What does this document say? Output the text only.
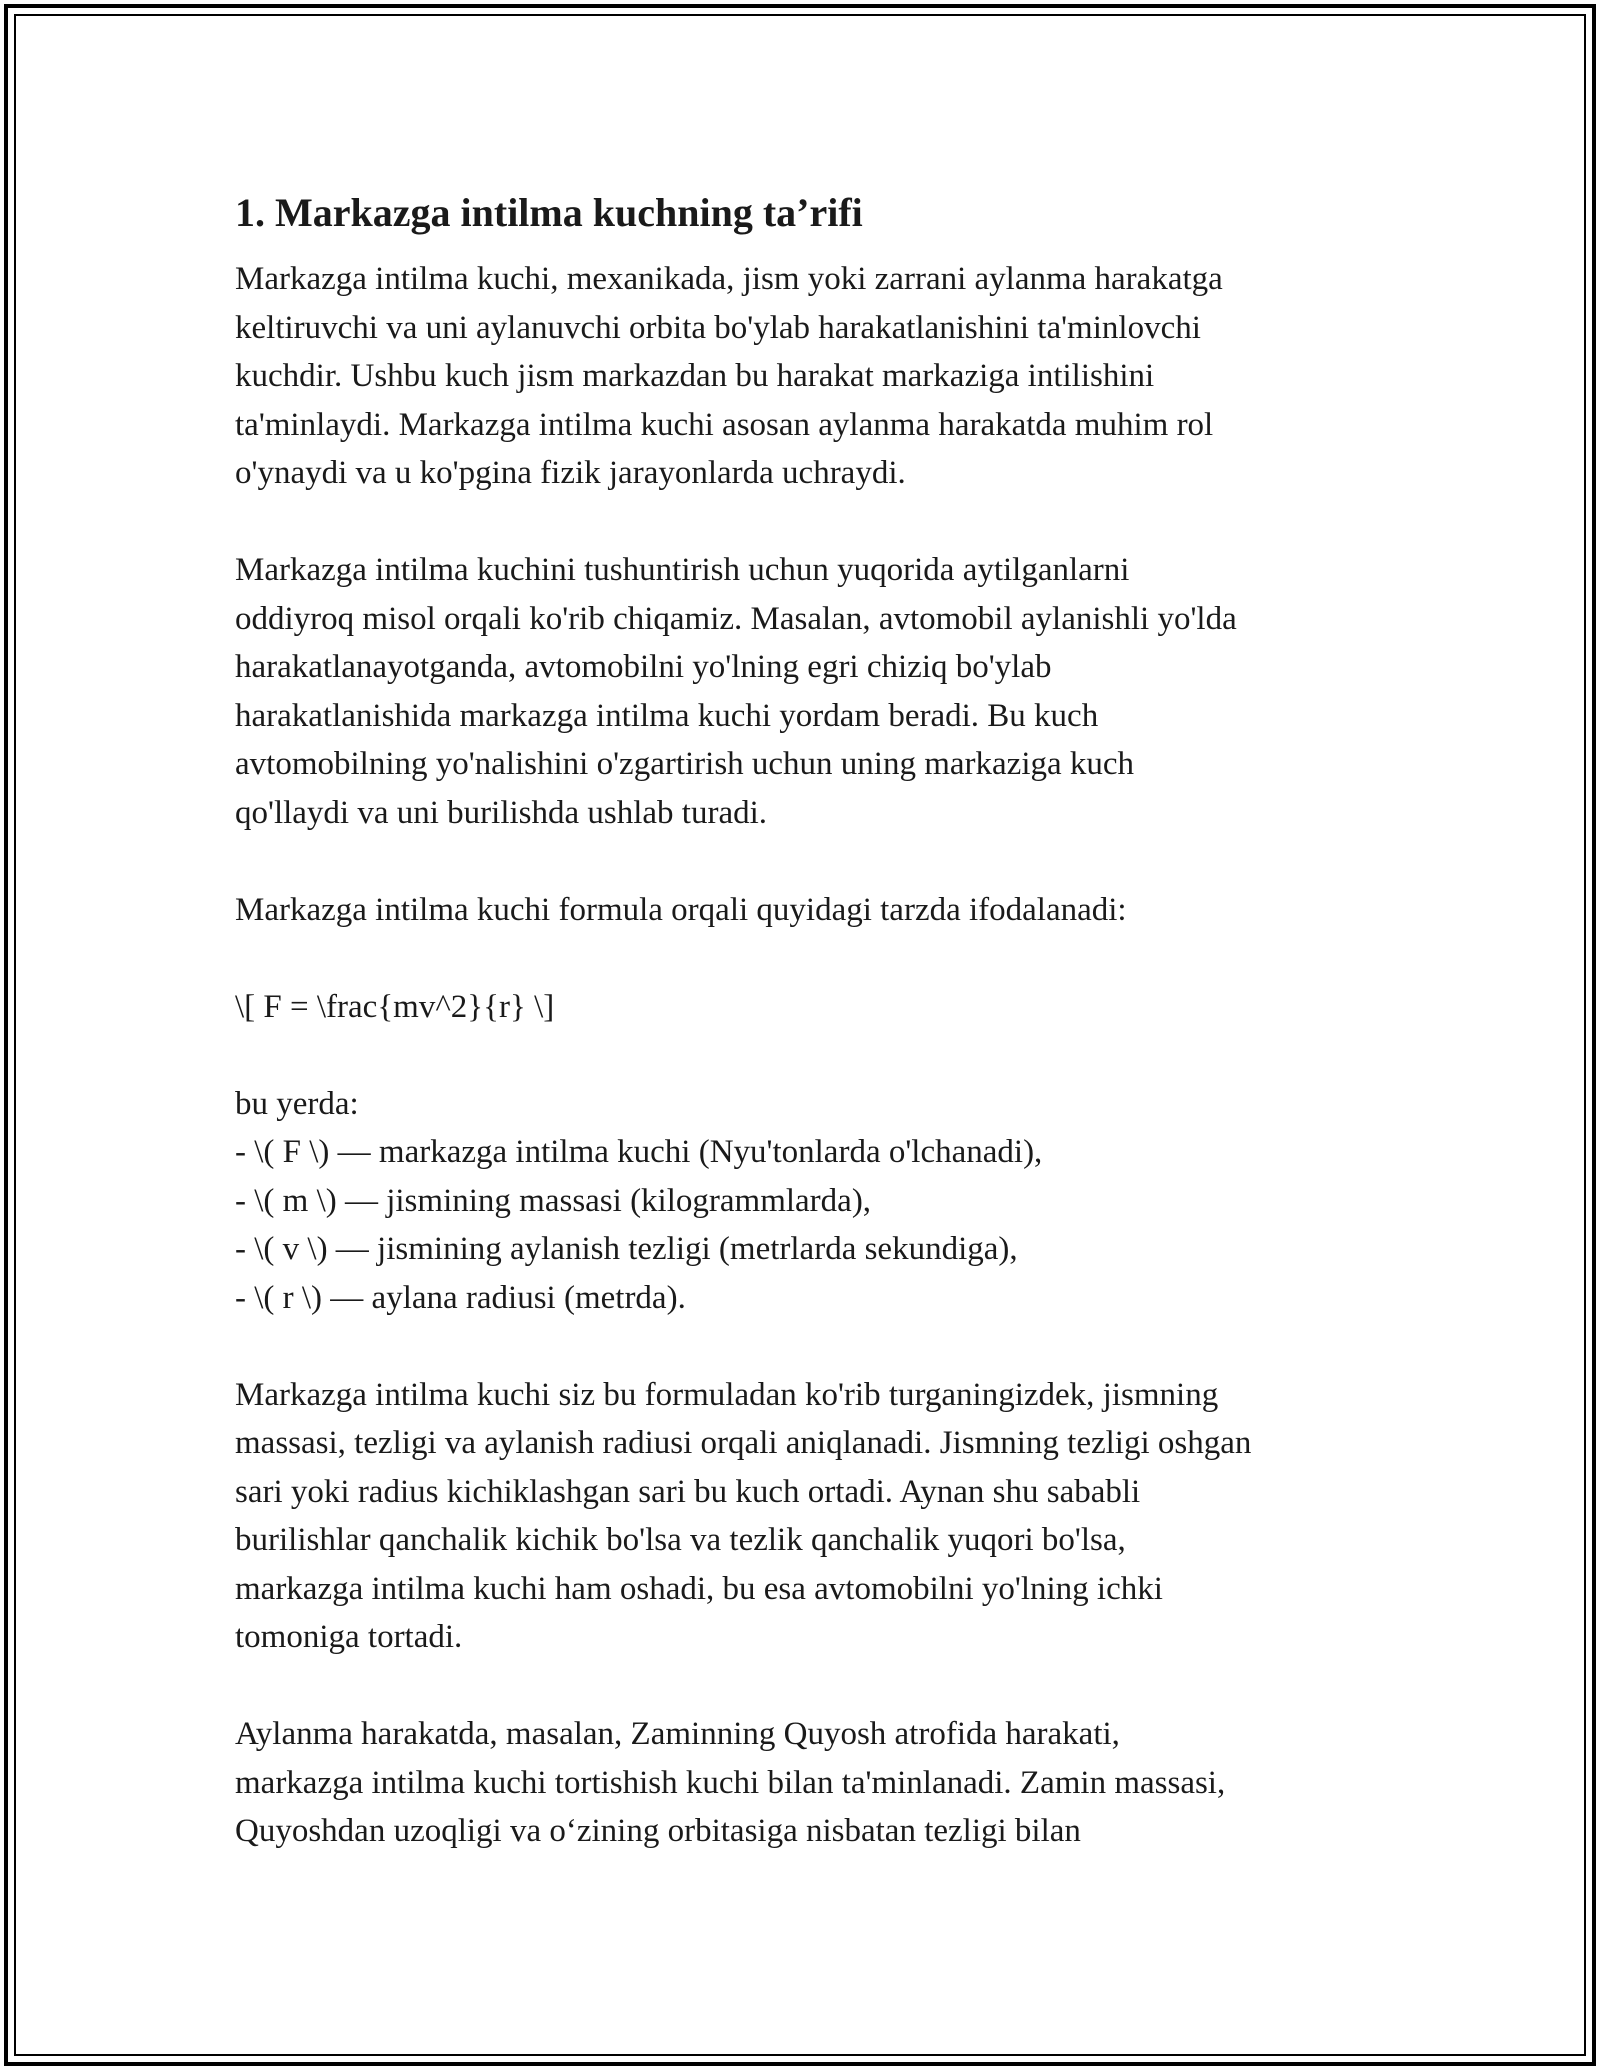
1. Markazga intilma kuchning ta’rifi

Markazga intilma kuchi, mexanikada, jism yoki zarrani aylanma harakatga
keltiruvchi va uni aylanuvchi orbita bo'ylab harakatlanishini ta'minlovchi
kuchdir. Ushbu kuch jism markazdan bu harakat markaziga intilishini
ta'minlaydi. Markazga intilma kuchi asosan aylanma harakatda muhim rol
o'ynaydi va u ko'pgina fizik jarayonlarda uchraydi.

Markazga intilma kuchini tushuntirish uchun yuqorida aytilganlarni
oddiyroq misol orqali ko'rib chiqamiz. Masalan, avtomobil aylanishli yo'lda
harakatlanayotganda, avtomobilni yo'lning egri chiziq bo'ylab
harakatlanishida markazga intilma kuchi yordam beradi. Bu kuch
avtomobilning yo'nalishini o'zgartirish uchun uning markaziga kuch
qo'llaydi va uni burilishda ushlab turadi.

Markazga intilma kuchi formula orqali quyidagi tarzda ifodalanadi:

\[ F = \frac{mv^2}{r} \]

bu yerda:
- \( F \) — markazga intilma kuchi (Nyu'tonlarda o'lchanadi),
- \( m \) — jismining massasi (kilogrammlarda),
- \( v \) — jismining aylanish tezligi (metrlarda sekundiga),
- \( r \) — aylana radiusi (metrda).

Markazga intilma kuchi siz bu formuladan ko'rib turganingizdek, jismning
massasi, tezligi va aylanish radiusi orqali aniqlanadi. Jismning tezligi oshgan
sari yoki radius kichiklashgan sari bu kuch ortadi. Aynan shu sababli
burilishlar qanchalik kichik bo'lsa va tezlik qanchalik yuqori bo'lsa,
markazga intilma kuchi ham oshadi, bu esa avtomobilni yo'lning ichki
tomoniga tortadi.

Aylanma harakatda, masalan, Zaminning Quyosh atrofida harakati,
markazga intilma kuchi tortishish kuchi bilan ta'minlanadi. Zamin massasi,
Quyoshdan uzoqligi va o‘zining orbitasiga nisbatan tezligi bilan
